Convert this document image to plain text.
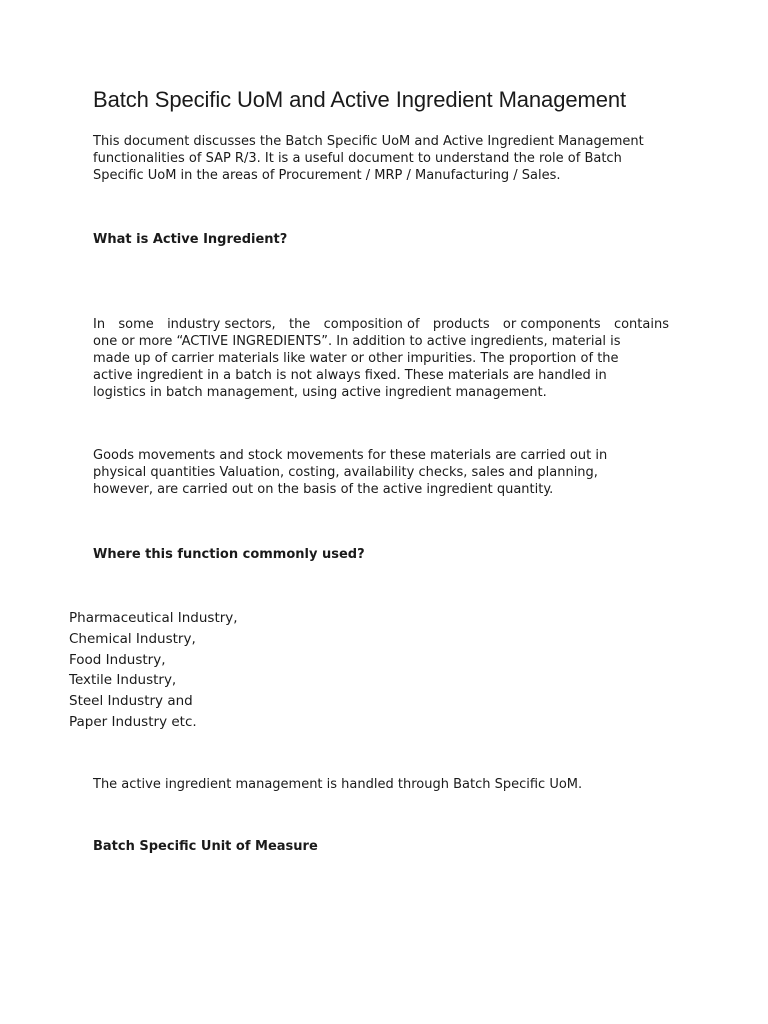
Batch Specific UoM and Active Ingredient Management

This document discusses the Batch Specific UoM and Active Ingredient Management
functionalities of SAP R/3. It is a useful document to understand the role of Batch
Specific UoM in the areas of Procurement / MRP / Manufacturing / Sales.

What is Active Ingredient?

In some industry sectors, the composition of products or components contains
one or more “ACTIVE INGREDIENTS”. In addition to active ingredients, material is
made up of carrier materials like water or other impurities. The proportion of the
active ingredient in a batch is not always fixed. These materials are handled in
logistics in batch management, using active ingredient management.

Goods movements and stock movements for these materials are carried out in
physical quantities Valuation, costing, availability checks, sales and planning,
however, are carried out on the basis of the active ingredient quantity.

Where this function commonly used?
Pharmaceutical Industry,
Chemical Industry,
Food Industry,
Textile Industry,
Steel Industry and
Paper Industry etc.

The active ingredient management is handled through Batch Specific UoM.

Batch Specific Unit of Measure
